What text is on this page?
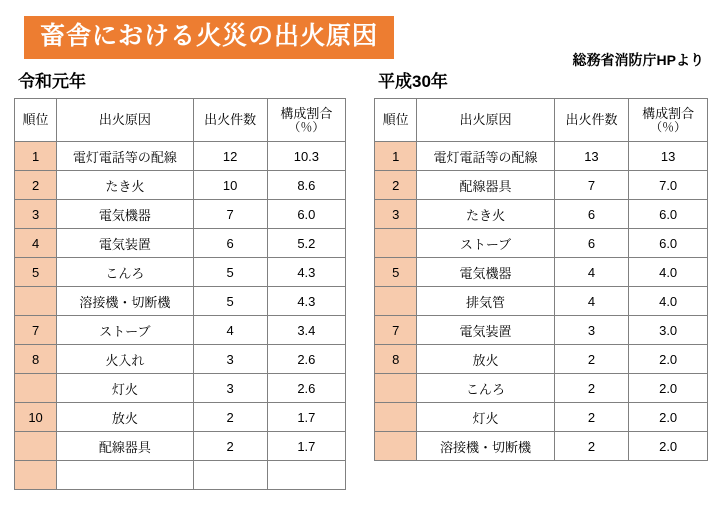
畜舎における火災の出火原因
総務省消防庁HPより
令和元年
順位	出火原因	出火件数	構成割合
（％）

1	電灯電話等の配線	12	10.3
2	たき火	10	8.6
3	電気機器	7	6.0
4	電気装置	6	5.2
5	こんろ	5	4.3
	溶接機・切断機	5	4.3
7	ストーブ	4	3.4
8	火入れ	3	2.6
	灯火	3	2.6
10	放火	2	1.7
	配線器具	2	1.7

平成30年
順位	出火原因	出火件数	構成割合
（％）

1	電灯電話等の配線	13	13
2	配線器具	7	7.0
3	たき火	6	6.0
	ストーブ	6	6.0
5	電気機器	4	4.0
	排気管	4	4.0
7	電気装置	3	3.0
8	放火	2	2.0
	こんろ	2	2.0
	灯火	2	2.0
	溶接機・切断機	2	2.0
